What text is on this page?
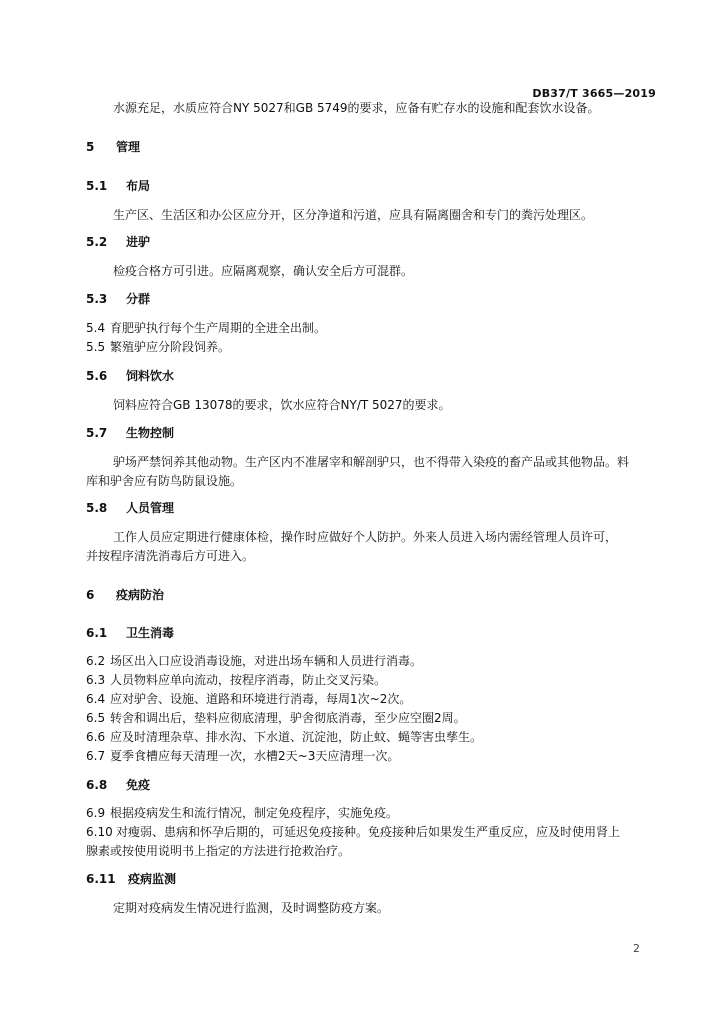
DB37/T 3665—2019
水源充足，水质应符合NY 5027和GB 5749的要求，应备有贮存水的设施和配套饮水设备。
5 管理
5.1 布局
生产区、生活区和办公区应分开，区分净道和污道，应具有隔离圈舍和专门的粪污处理区。
5.2 进驴
检疫合格方可引进。应隔离观察，确认安全后方可混群。
5.3 分群
5.4 育肥驴执行每个生产周期的全进全出制。
5.5 繁殖驴应分阶段饲养。
5.6 饲料饮水
饲料应符合GB 13078的要求，饮水应符合NY/T 5027的要求。
5.7 生物控制
驴场严禁饲养其他动物。生产区内不准屠宰和解剖驴只，也不得带入染疫的畜产品或其他物品。料
库和驴舍应有防鸟防鼠设施。
5.8 人员管理
工作人员应定期进行健康体检，操作时应做好个人防护。外来人员进入场内需经管理人员许可，
并按程序清洗消毒后方可进入。
6 疫病防治
6.1 卫生消毒
6.2 场区出入口应设消毒设施，对进出场车辆和人员进行消毒。
6.3 人员物料应单向流动，按程序消毒，防止交叉污染。
6.4 应对驴舍、设施、道路和环境进行消毒，每周1次~2次。
6.5 转舍和调出后，垫料应彻底清理，驴舍彻底消毒，至少应空圈2周。
6.6 应及时清理杂草、排水沟、下水道、沉淀池，防止蚊、蝇等害虫孳生。
6.7 夏季食槽应每天清理一次，水槽2天~3天应清理一次。
6.8 免疫
6.9 根据疫病发生和流行情况，制定免疫程序，实施免疫。
6.10 对瘦弱、患病和怀孕后期的，可延迟免疫接种。免疫接种后如果发生严重反应，应及时使用肾上
腺素或按使用说明书上指定的方法进行抢救治疗。
6.11 疫病监测
定期对疫病发生情况进行监测，及时调整防疫方案。
2
